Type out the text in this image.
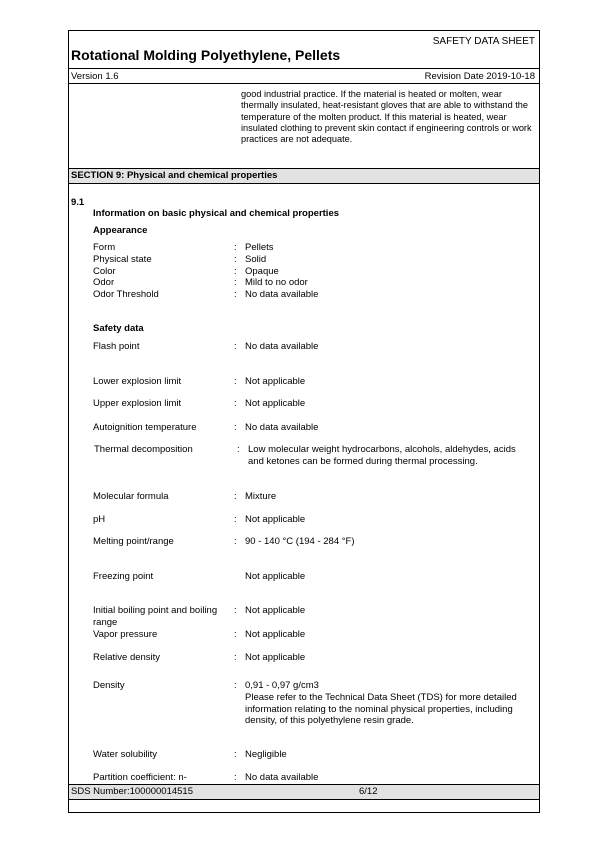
SAFETY DATA SHEET
Rotational Molding Polyethylene, Pellets
Version 1.6	Revision Date 2019-10-18
good industrial practice. If the material is heated or molten, wear thermally insulated, heat-resistant gloves that are able to withstand the temperature of the molten product. If this material is heated, wear insulated clothing to prevent skin contact if engineering controls or work practices are not adequate.
SECTION 9: Physical and chemical properties
9.1
Information on basic physical and chemical properties
Appearance
Form	: Pellets
Physical state	: Solid
Color	: Opaque
Odor	: Mild to no odor
Odor Threshold	: No data available
Safety data
Flash point	: No data available
Lower explosion limit	: Not applicable
Upper explosion limit	: Not applicable
Autoignition temperature	: No data available
Thermal decomposition	: Low molecular weight hydrocarbons, alcohols, aldehydes, acids and ketones can be formed during thermal processing.
Molecular formula	: Mixture
pH	: Not applicable
Melting point/range	: 90 - 140 °C (194 - 284 °F)
Freezing point	Not applicable
Initial boiling point and boiling range
: Not applicable
Vapor pressure	: Not applicable
Relative density	: Not applicable
Density	: 0,91 - 0,97 g/cm3
Please refer to the Technical Data Sheet (TDS) for more detailed information relating to the nominal physical properties, including density, of this polyethylene resin grade.
Water solubility	: Negligible
Partition coefficient: n-	: No data available
SDS Number:100000014515	6/12
